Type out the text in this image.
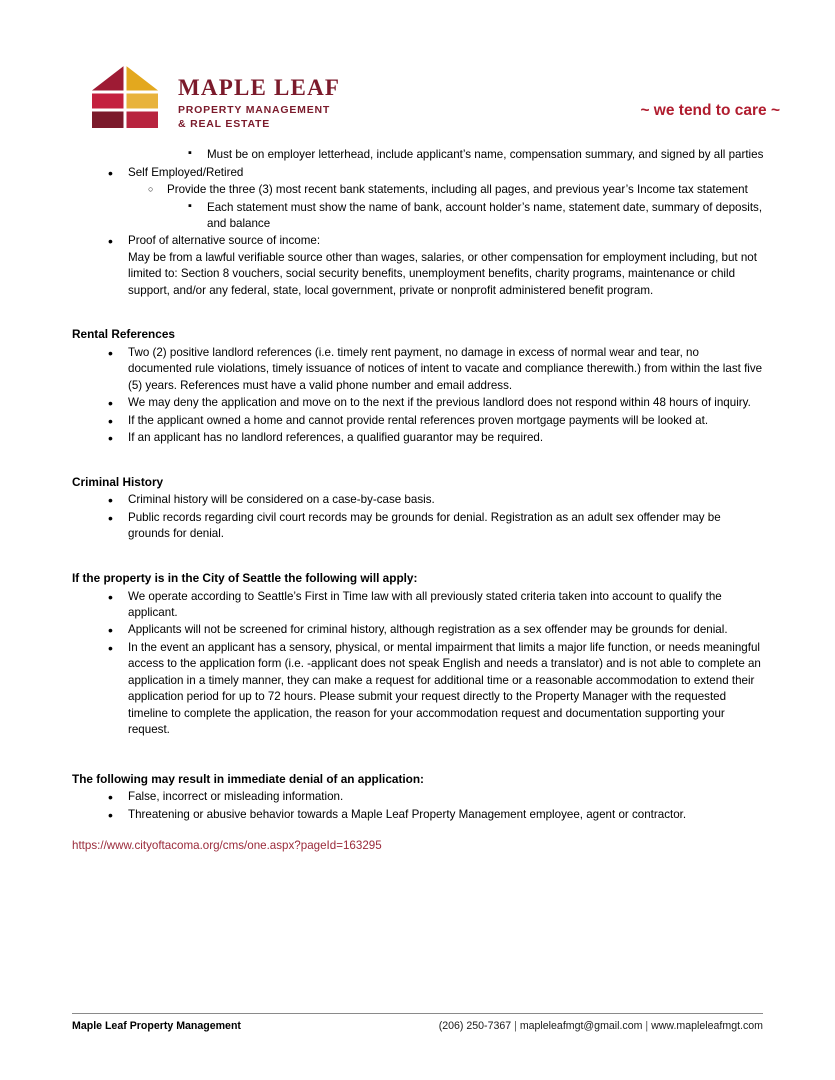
MAPLE LEAF
PROPERTY MANAGEMENT
& REAL ESTATE
~ we tend to care ~
▪ Must be on employer letterhead, include applicant’s name, compensation summary, and signed by all parties
• Self Employed/Retired
○ Provide the three (3) most recent bank statements, including all pages, and previous year’s Income tax statement
▪ Each statement must show the name of bank, account holder’s name, statement date, summary of deposits, and balance
• Proof of alternative source of income:
May be from a lawful verifiable source other than wages, salaries, or other compensation for employment including, but not limited to: Section 8 vouchers, social security benefits, unemployment benefits, charity programs, maintenance or child support, and/or any federal, state, local government, private or nonprofit administered benefit program.
Rental References
• Two (2) positive landlord references (i.e. timely rent payment, no damage in excess of normal wear and tear, no documented rule violations, timely issuance of notices of intent to vacate and compliance therewith.) from within the last five (5) years. References must have a valid phone number and email address.
• We may deny the application and move on to the next if the previous landlord does not respond within 48 hours of inquiry.
• If the applicant owned a home and cannot provide rental references proven mortgage payments will be looked at.
• If an applicant has no landlord references, a qualified guarantor may be required.
Criminal History
• Criminal history will be considered on a case-by-case basis.
• Public records regarding civil court records may be grounds for denial. Registration as an adult sex offender may be grounds for denial.
If the property is in the City of Seattle the following will apply:
• We operate according to Seattle’s First in Time law with all previously stated criteria taken into account to qualify the applicant.
• Applicants will not be screened for criminal history, although registration as a sex offender may be grounds for denial.
• In the event an applicant has a sensory, physical, or mental impairment that limits a major life function, or needs meaningful access to the application form (i.e. -applicant does not speak English and needs a translator) and is not able to complete an application in a timely manner, they can make a request for additional time or a reasonable accommodation to extend their application period for up to 72 hours. Please submit your request directly to the Property Manager with the requested timeline to complete the application, the reason for your accommodation request and documentation supporting your request.
The following may result in immediate denial of an application:
• False, incorrect or misleading information.
• Threatening or abusive behavior towards a Maple Leaf Property Management employee, agent or contractor.
https://www.cityoftacoma.org/cms/one.aspx?pageId=163295
Maple Leaf Property Management	(206) 250-7367 | mapleleafmgt@gmail.com | www.mapleleafmgt.com
